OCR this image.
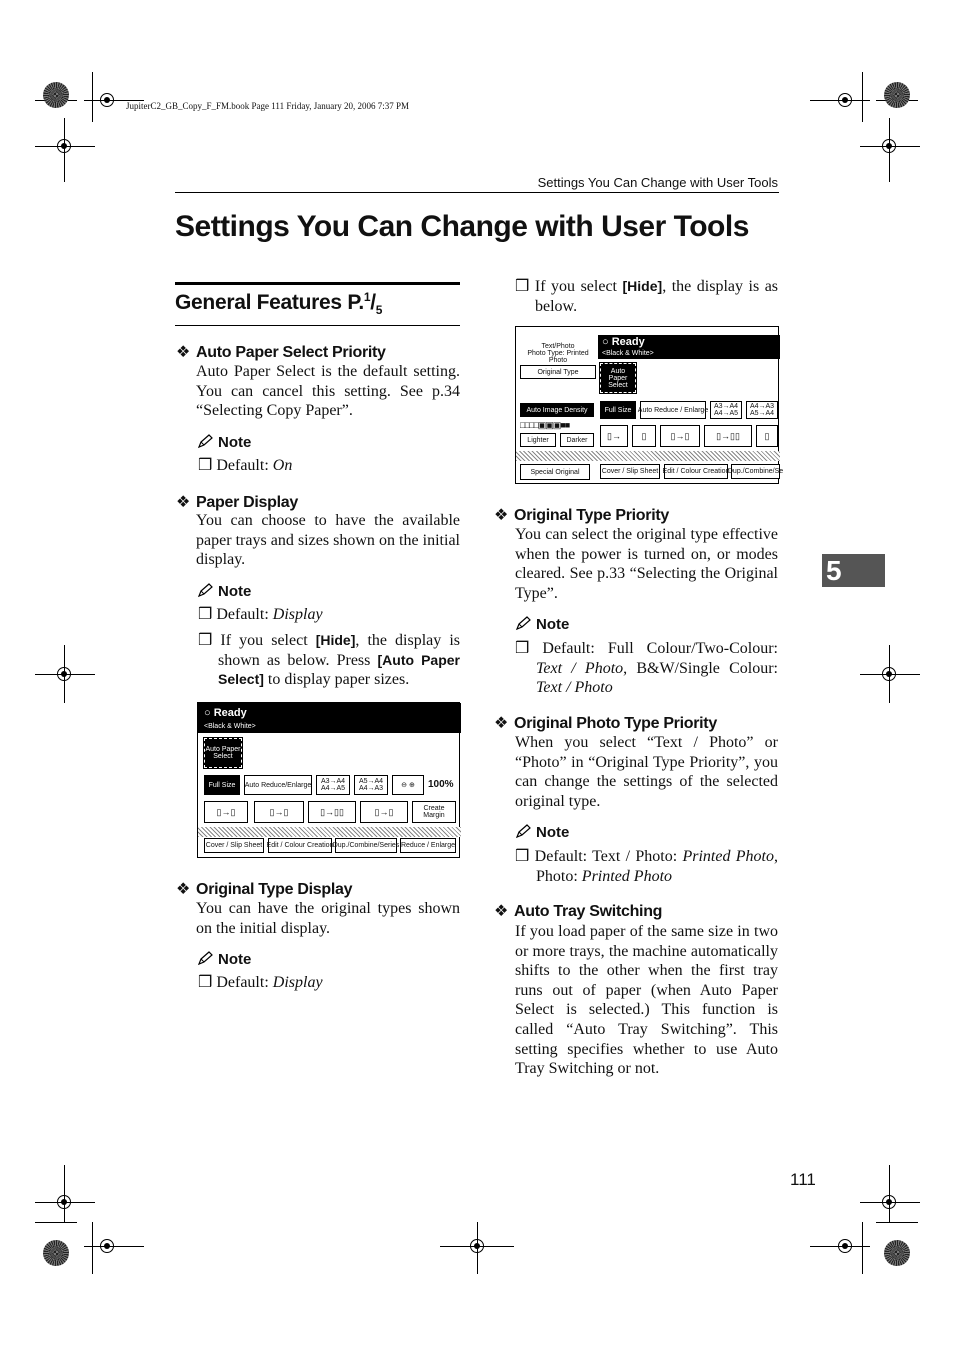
JupiterC2_GB_Copy_F_FM.book Page 111 Friday, January 20, 2006 7:37 PM
Settings You Can Change with User Tools
Settings You Can Change with User Tools
General Features $P.^1/_5$
❖ Auto Paper Select Priority
Auto Paper Select is the default setting. You can cancel this setting. See p.34 “Selecting Copy Paper”.
Note
❒ Default: On
❖ Paper Display
You can choose to have the available paper trays and sizes shown on the initial display.
Note
❒ Default: Display
❒ If you select [Hide], the display is shown as below. Press [Auto Paper Select] to display paper sizes.
○ Ready
<Black & White>
Auto Paper Select
Full Size	Auto Reduce/Enlarge	A3→A4 A4→A5
A5→A4 A4→A3	⊖ ⊕	100%
▯→▯	▯→▯	▯→▯▯	▯→▯	Create Margin
Cover / Slip Sheet Edit / Colour Creation Dup./Combine/Series Reduce / Enlarge
❖ Original Type Display
You can have the original types shown on the initial display.
Note
❒ Default: Display
❒ If you select [Hide], the display is as below.
Text/Photo
Photo Type: Printed Photo
Original Type
○ Ready
<Black & White>
Auto Paper Select
Auto Image Density
□□□□▣▣▣■■
Lighter	Darker
Full Size Auto Reduce / Enlarge A3→A4 A4→A5
A4→A3 A5→A4
▯→	▯	▯→▯	▯→▯▯	▯
Special Original	Cover / Slip Sheet Edit / Colour Creation
Dup./Combine/Se
❖ Original Type Priority
You can select the original type effective when the power is turned on, or modes cleared. See p.33 “Selecting the Original Type”.
Note
❒ Default: Full Colour/Two-Colour: Text / Photo, B&W/Single Colour: Text / Photo
❖ Original Photo Type Priority
When you select “Text / Photo” or “Photo” in “Original Type Priority”, you can change the settings of the selected original type.
Note
❒ Default: Text / Photo: Printed Photo, Photo: Printed Photo
❖ Auto Tray Switching
If you load paper of the same size in two or more trays, the machine automatically shifts to the other when the first tray runs out of paper (when Auto Paper Select is selected.) This function is called “Auto Tray Switching”. This setting specifies whether to use Auto Tray Switching or not.
5
111
